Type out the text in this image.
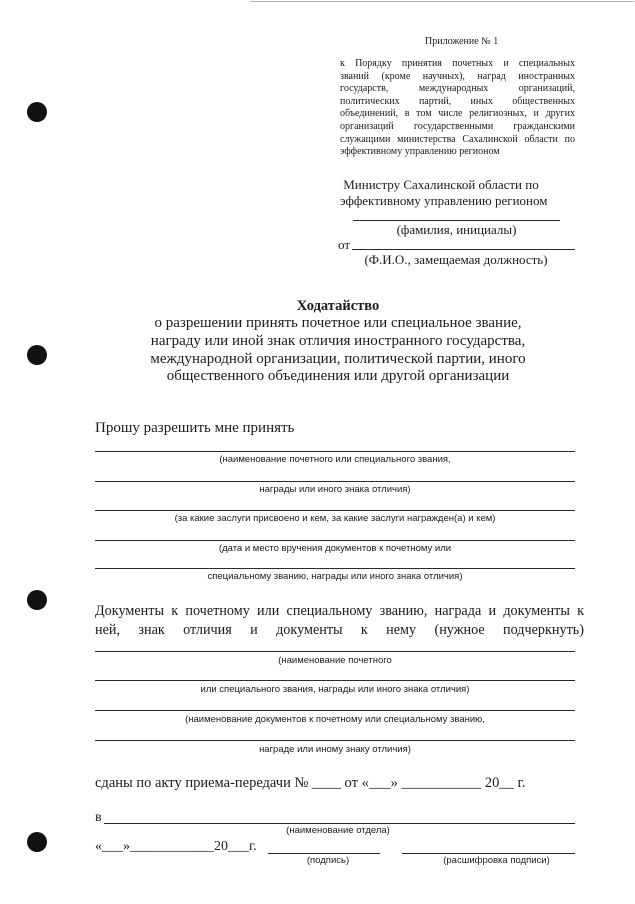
Приложение № 1
к Порядку принятия почетных и специальных
званий (кроме научных), наград иностранных
государств, международных организаций,
политических партий, иных общественных
объединений, в том числе религиозных, и других
организаций государственными гражданскими
служащими министерства Сахалинской области по
эффективному управлению регионом
Министру Сахалинской области по
эффективному управлению регионом
(фамилия, инициалы)
от
(Ф.И.О., замещаемая должность)
Ходатайство
о разрешении принять почетное или специальное звание,
награду или иной знак отличия иностранного государства,
международной организации, политической партии, иного
общественного объединения или другой организации
Прошу разрешить мне принять
(наименование почетного или специального звания,
награды или иного знака отличия)
(за какие заслуги присвоено и кем, за какие заслуги награжден(а) и кем)
(дата и место вручения документов к почетному или
специальному званию, награды или иного знака отличия)
Документы к почетному или специальному званию, награда и документы к
ней, знак отличия и документы к нему (нужное подчеркнуть)
(наименование почетного
или специального звания, награды или иного знака отличия)
(наименование документов к почетному или специальному званию,
награде или иному знаку отличия)
сданы по акту приема-передачи № ____ от «___» ___________ 20__ г.
в
(наименование отдела)
«___»____________20___г.
(подпись)	(расшифровка подписи)
